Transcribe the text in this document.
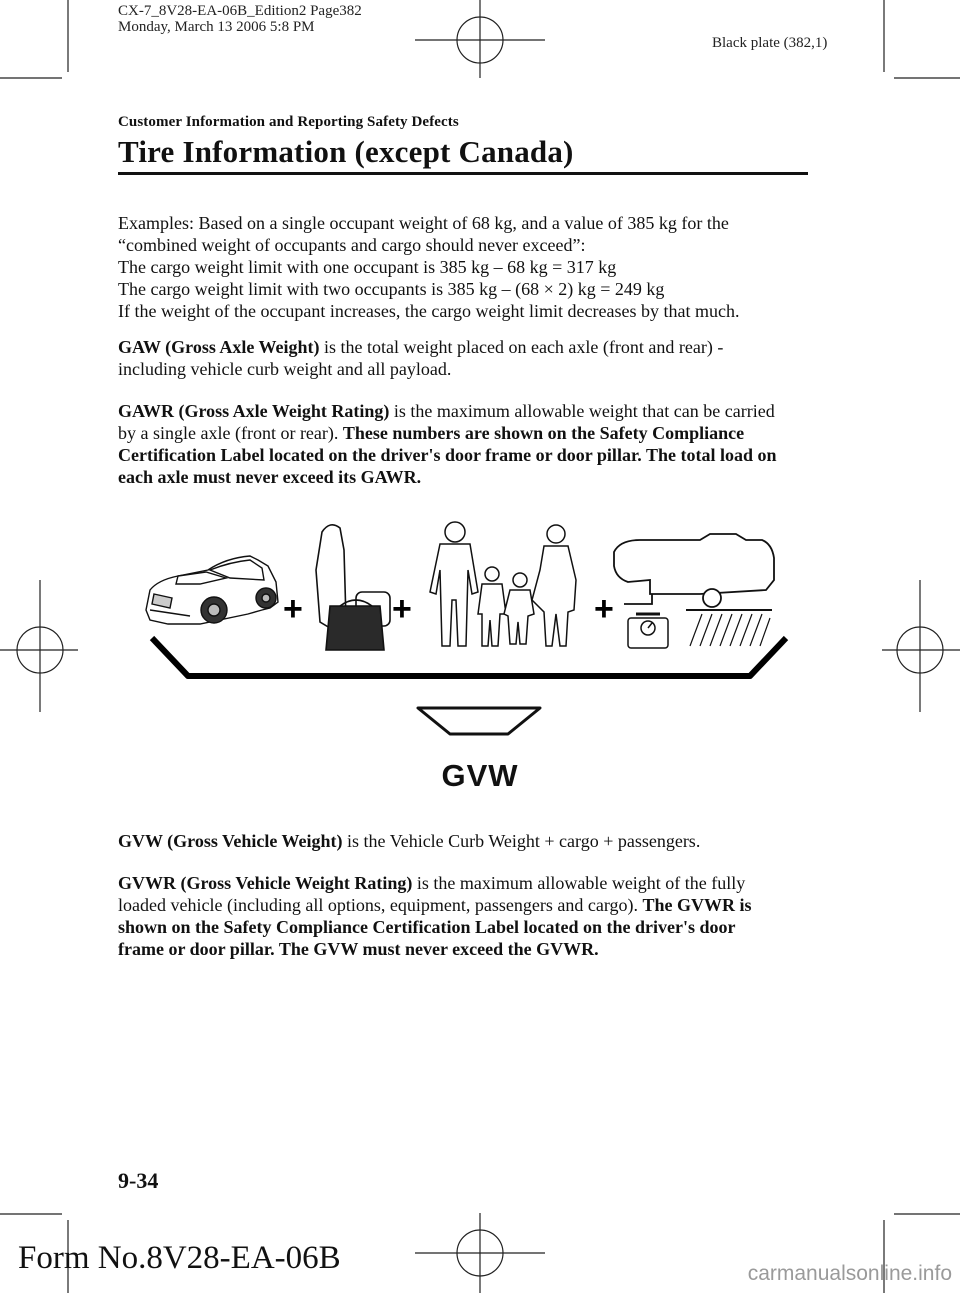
CX-7_8V28-EA-06B_Edition2 Page382
Monday, March 13 2006 5:8 PM
Black plate (382,1)
Customer Information and Reporting Safety Defects
Tire Information (except Canada)

Examples: Based on a single occupant weight of 68 kg, and a value of 385 kg for the

“combined weight of occupants and cargo should never exceed”:

The cargo weight limit with one occupant is 385 kg – 68 kg = 317 kg

The cargo weight limit with two occupants is 385 kg – (68 × 2) kg = 249 kg

If the weight of the occupant increases, the cargo weight limit decreases by that much.

GAW (Gross Axle Weight) is the total weight placed on each axle (front and rear) -

including vehicle curb weight and all payload.

GAWR (Gross Axle Weight Rating) is the maximum allowable weight that can be carried

by a single axle (front or rear). These numbers are shown on the Safety Compliance

Certification Label located on the driver's door frame or door pillar. The total load on

each axle must never exceed its GAWR.

+	+	+
GVW

GVW (Gross Vehicle Weight) is the Vehicle Curb Weight + cargo + passengers.

GVWR (Gross Vehicle Weight Rating) is the maximum allowable weight of the fully

loaded vehicle (including all options, equipment, passengers and cargo). The GVWR is

shown on the Safety Compliance Certification Label located on the driver's door

frame or door pillar. The GVW must never exceed the GVWR.

9-34
Form No.8V28-EA-06B	carmanualsonline.info
